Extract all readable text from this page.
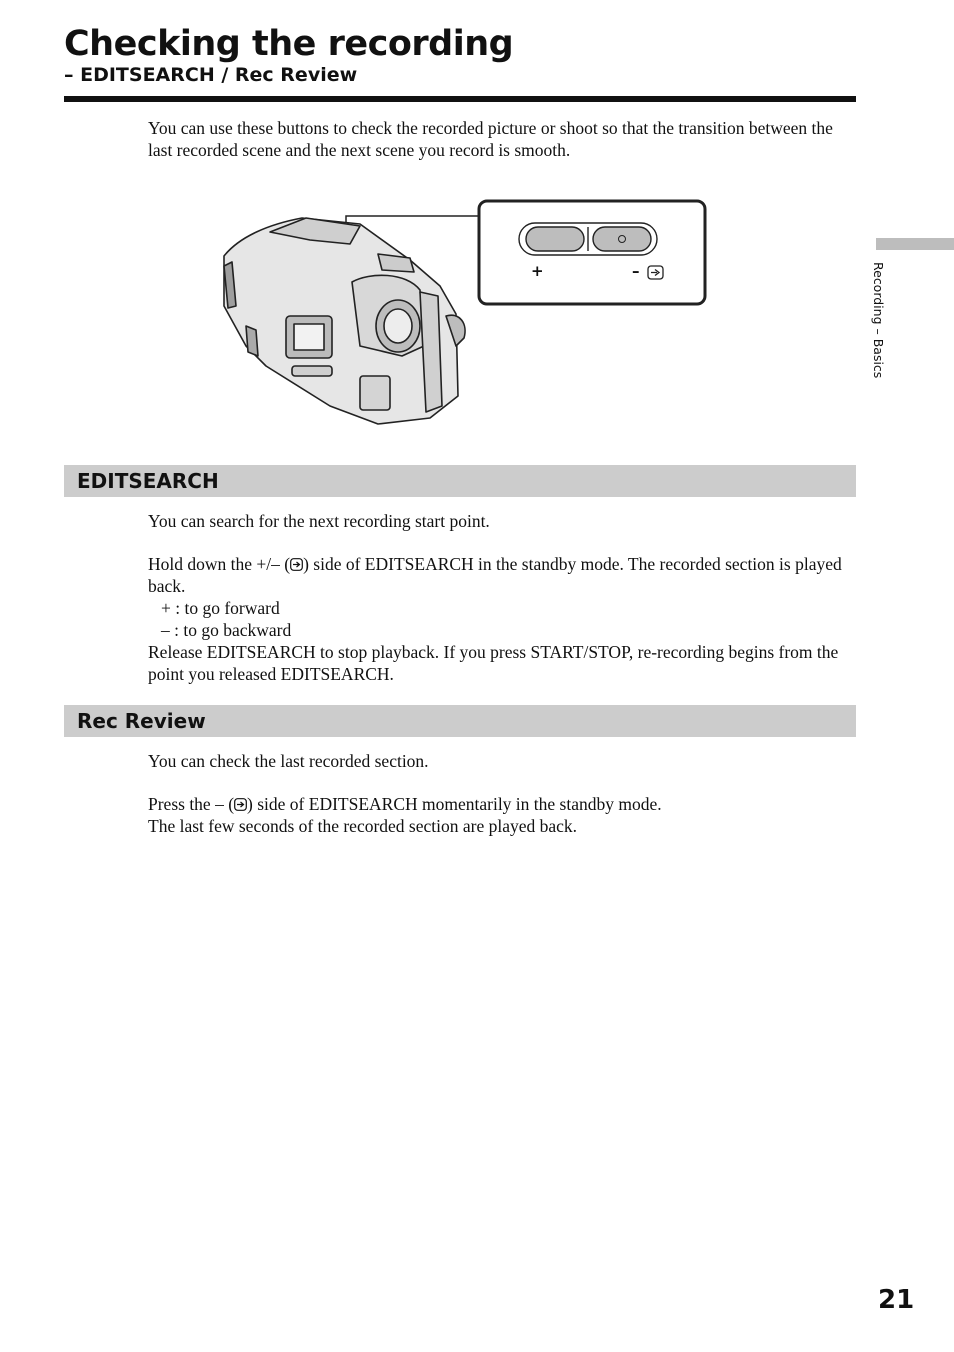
Checking the recording
– EDITSEARCH / Rec Review

You can use these buttons to check the recorded picture or shoot so that the transition between the last recorded scene and the next scene you record is smooth.

+	–
EDITSEARCH

You can search for the next recording start point.

Hold down the +/– ( ) side of EDITSEARCH in the standby mode. The recorded section is played back.
+ : to go forward
– : to go backward
Release EDITSEARCH to stop playback. If you press START/STOP, re-recording begins from the point you released EDITSEARCH.
Rec Review

You can check the last recorded section.

Press the – ( ) side of EDITSEARCH momentarily in the standby mode.
The last few seconds of the recorded section are played back.
Recording – Basics
21
